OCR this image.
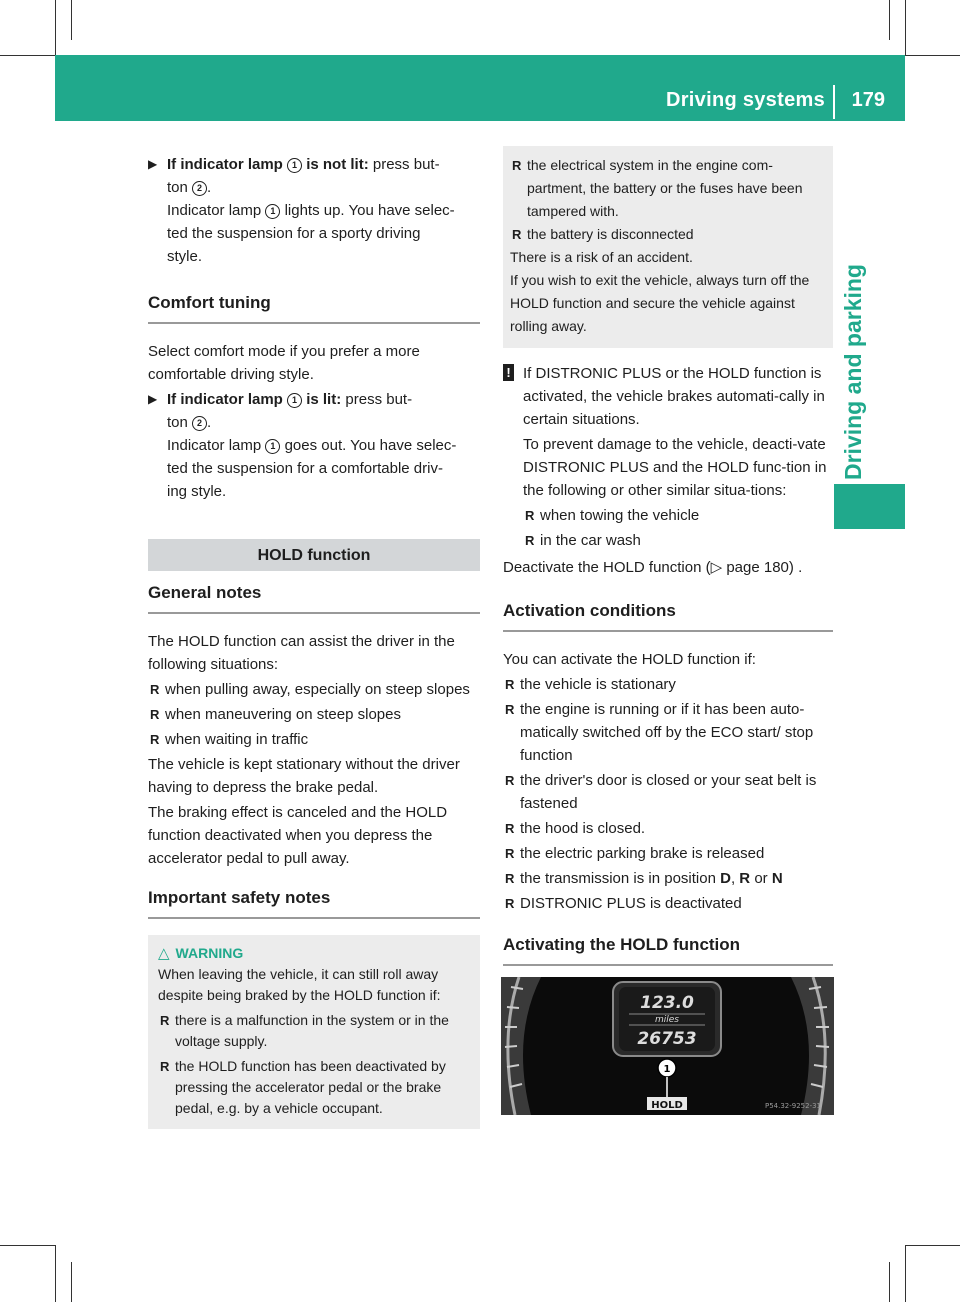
Driving systems 179
Driving and parking
▶ If indicator lamp 1 is not lit: press but-

ton 2 .

Indicator lamp 1 lights up. You have selec-

ted the suspension for a sporty driving

style.

Comfort tuning

Select comfort mode if you prefer a more comfortable driving style.

▶ If indicator lamp 1 is lit: press but-

ton 2 .

Indicator lamp 1 goes out. You have selec-

ted the suspension for a comfortable driv-

ing style.

HOLD function

General notes

The HOLD function can assist the driver in the following situations:

R when pulling away, especially on steep slopes

R when maneuvering on steep slopes

R when waiting in traffic

The vehicle is kept stationary without the driver having to depress the brake pedal.

The braking effect is canceled and the HOLD function deactivated when you depress the accelerator pedal to pull away.

Important safety notes

△ WARNING

When leaving the vehicle, it can still roll away despite being braked by the HOLD function if:

R there is a malfunction in the system or in the voltage supply.

R the HOLD function has been deactivated by pressing the accelerator pedal or the brake pedal, e.g. by a vehicle occupant.

R the electrical system in the engine com-partment, the battery or the fuses have been tampered with.

R the battery is disconnected

There is a risk of an accident.

If you wish to exit the vehicle, always turn off the HOLD function and secure the vehicle against rolling away.

! If DISTRONIC PLUS or the HOLD function is activated, the vehicle brakes automati-cally in certain situations.

To prevent damage to the vehicle, deacti-vate DISTRONIC PLUS and the HOLD func-tion in the following or other similar situa-tions:

R when towing the vehicle

R in the car wash

Deactivate the HOLD function (▷ page 180) .

Activation conditions

You can activate the HOLD function if:

R the vehicle is stationary

R the engine is running or if it has been auto-matically switched off by the ECO start/ stop function

R the driver's door is closed or your seat belt is fastened

R the hood is closed.

R the electric parking brake is released

R the transmission is in position D, R or N

R DISTRONIC PLUS is deactivated

Activating the HOLD function

123.0
miles
26753
1
HOLD	P54.32-9252-31
